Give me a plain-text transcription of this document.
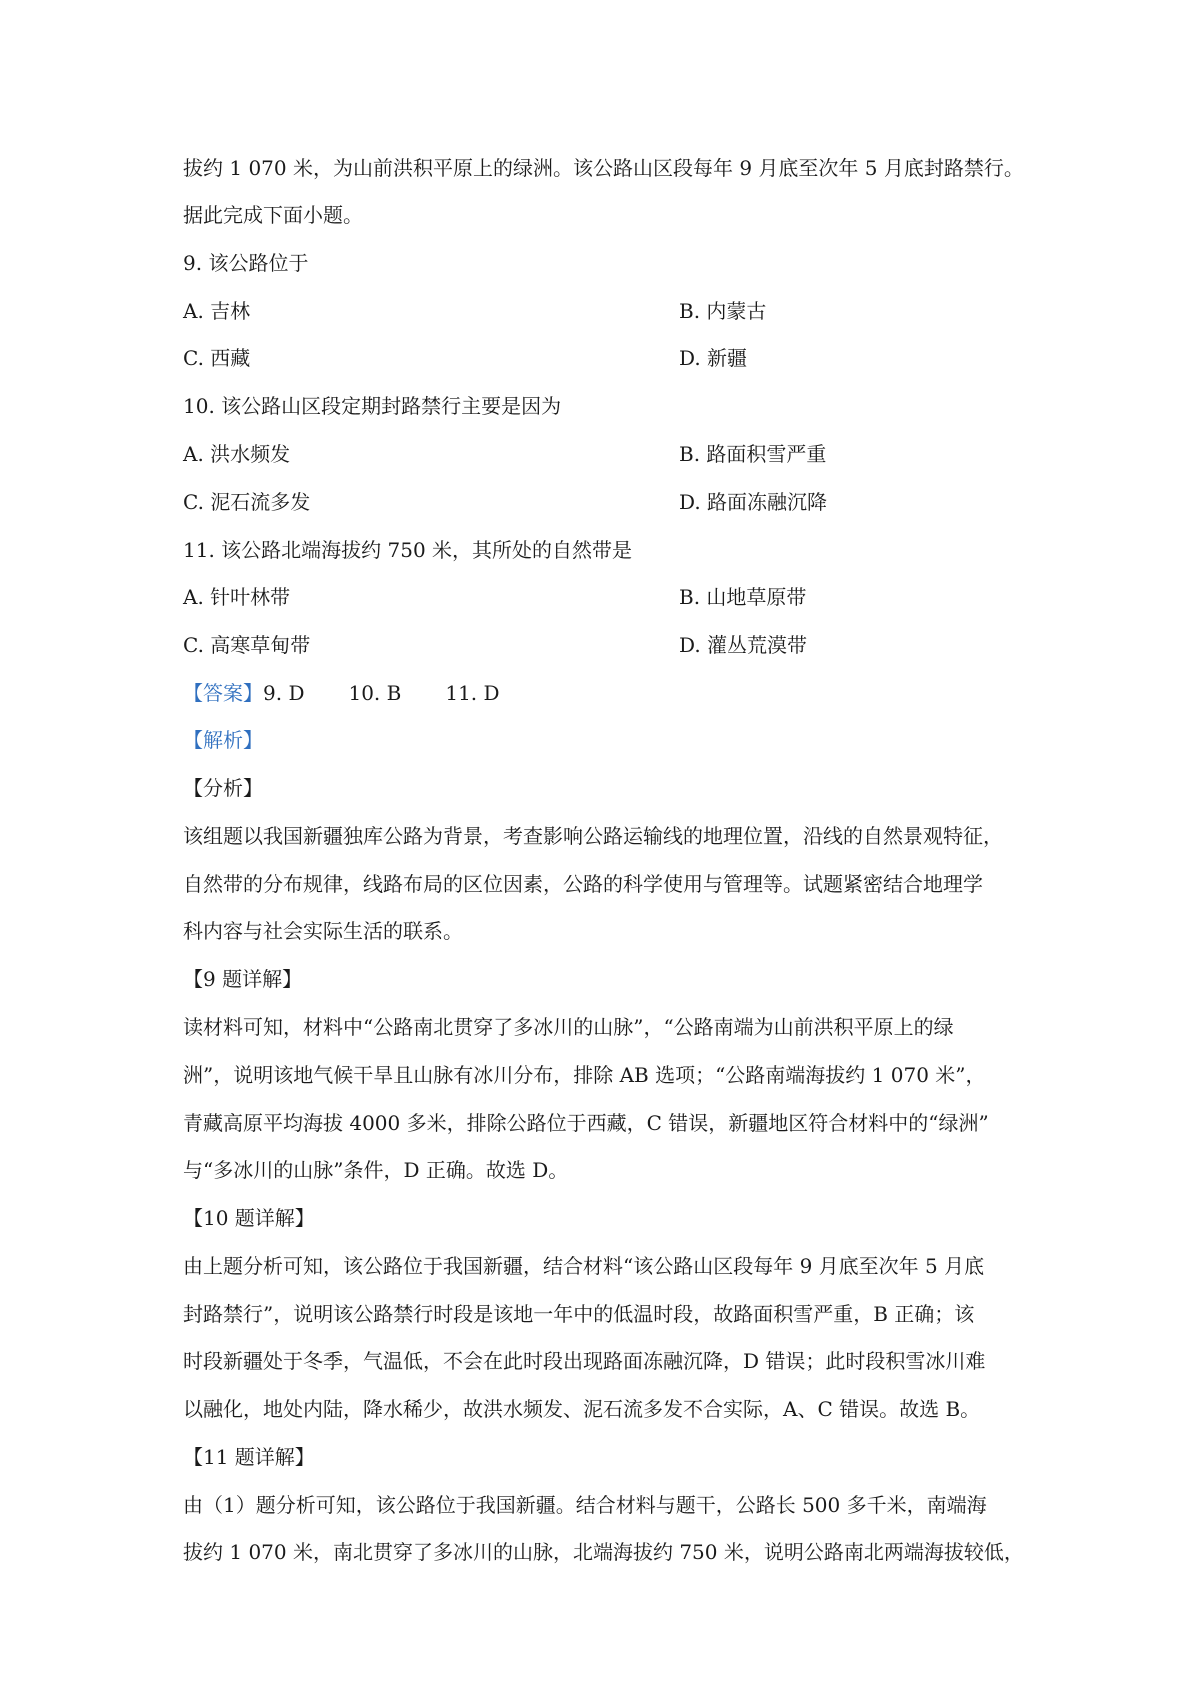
拔约 1 070 米，为山前洪积平原上的绿洲。该公路山区段每年 9 月底至次年 5 月底封路禁行。
据此完成下面小题。
9. 该公路位于
A. 吉林	B. 内蒙古
C. 西藏	D. 新疆
10. 该公路山区段定期封路禁行主要是因为
A. 洪水频发	B. 路面积雪严重
C. 泥石流多发	D. 路面冻融沉降
11. 该公路北端海拔约 750 米，其所处的自然带是
A. 针叶林带	B. 山地草原带
C. 高寒草甸带	D. 灌丛荒漠带
【答案】9. D 10. B 11. D
【解析】
【分析】
该组题以我国新疆独库公路为背景，考查影响公路运输线的地理位置，沿线的自然景观特征，
自然带的分布规律，线路布局的区位因素，公路的科学使用与管理等。试题紧密结合地理学
科内容与社会实际生活的联系。
【9 题详解】
读材料可知，材料中“公路南北贯穿了多冰川的山脉”，“公路南端为山前洪积平原上的绿
洲”，说明该地气候干旱且山脉有冰川分布，排除 AB 选项；“公路南端海拔约 1 070 米”，
青藏高原平均海拔 4000 多米，排除公路位于西藏，C 错误，新疆地区符合材料中的“绿洲”
与“多冰川的山脉”条件，D 正确。故选 D。
【10 题详解】
由上题分析可知，该公路位于我国新疆，结合材料“该公路山区段每年 9 月底至次年 5 月底
封路禁行”，说明该公路禁行时段是该地一年中的低温时段，故路面积雪严重，B 正确；该
时段新疆处于冬季，气温低，不会在此时段出现路面冻融沉降，D 错误；此时段积雪冰川难
以融化，地处内陆，降水稀少，故洪水频发、泥石流多发不合实际，A、C 错误。故选 B。
【11 题详解】
由（1）题分析可知，该公路位于我国新疆。结合材料与题干，公路长 500 多千米，南端海
拔约 1 070 米，南北贯穿了多冰川的山脉，北端海拔约 750 米，说明公路南北两端海拔较低，
